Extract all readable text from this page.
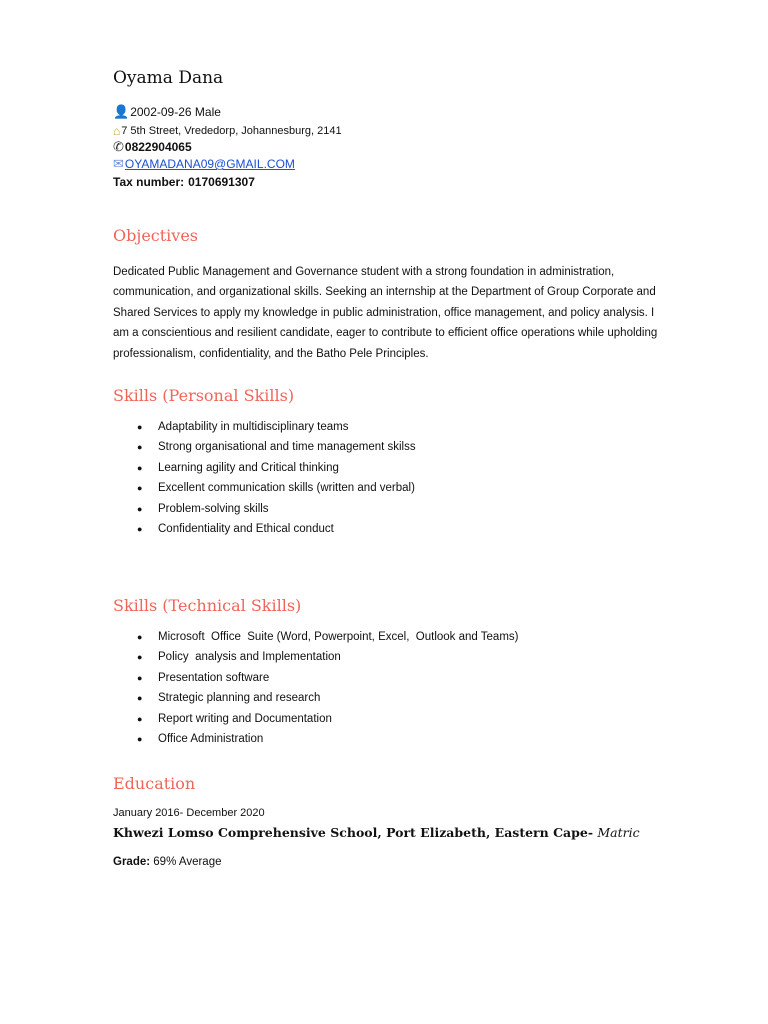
Oyama Dana
👤 2002-09-26 Male
⌂ 7 5th Street, Vrededorp, Johannesburg, 2141
✆ 0822904065
✉ OYAMADANA09@GMAIL.COM
Tax number: 0170691307
Objectives

Dedicated Public Management and Governance student with a strong foundation in administration, communication, and organizational skills. Seeking an internship at the Department of Group Corporate and Shared Services to apply my knowledge in public administration, office management, and policy analysis. I am a conscientious and resilient candidate, eager to contribute to efficient office operations while upholding professionalism, confidentiality, and the Batho Pele Principles.

Skills (Personal Skills)
● Adaptability in multidisciplinary teams
● Strong organisational and time management skilss
● Learning agility and Critical thinking
● Excellent communication skills (written and verbal)
● Problem-solving skills
● Confidentiality and Ethical conduct
Skills (Technical Skills)
● Microsoft  Office  Suite (Word, Powerpoint, Excel,  Outlook and Teams)
● Policy  analysis and Implementation
● Presentation software
● Strategic planning and research
● Report writing and Documentation
● Office Administration
Education
January 2016- December 2020
Khwezi Lomso Comprehensive School, Port Elizabeth, Eastern Cape- Matric
Grade: 69% Average
